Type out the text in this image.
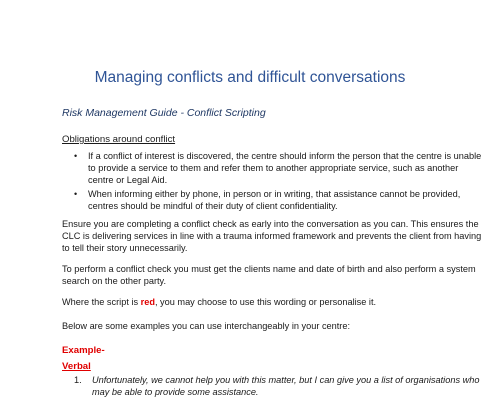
Managing conflicts and difficult conversations
Risk Management Guide - Conflict Scripting
Obligations around conflict
• If a conflict of interest is discovered, the centre should inform the person that the centre is unable to provide a service to them and refer them to another appropriate service, such as another centre or Legal Aid.
• When informing either by phone, in person or in writing, that assistance cannot be provided, centres should be mindful of their duty of client confidentiality.

Ensure you are completing a conflict check as early into the conversation as you can. This ensures the CLC is delivering services in line with a trauma informed framework and prevents the client from having to tell their story unnecessarily.

To perform a conflict check you must get the clients name and date of birth and also perform a system search on the other party.

Where the script is red, you may choose to use this wording or personalise it.

Below are some examples you can use interchangeably in your centre:

Example-
Verbal
1. Unfortunately, we cannot help you with this matter, but I can give you a list of organisations who may be able to provide some assistance.
